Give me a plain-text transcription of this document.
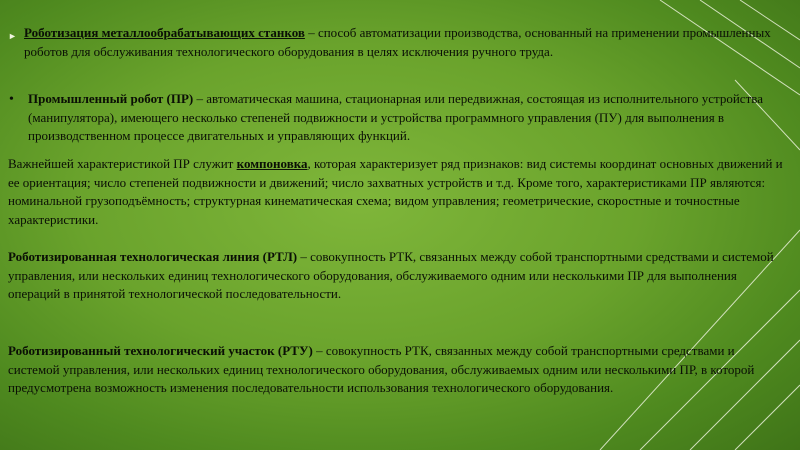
► Роботизация металлообрабатывающих станков – способ автоматизации производства, основанный на применении промышленных роботов для обслуживания технологического оборудования в целях исключения ручного труда.
• Промышленный робот (ПР) – автоматическая машина, стационарная или передвижная, состоящая из исполнительного устройства (манипулятора), имеющего несколько степеней подвижности и устройства программного управления (ПУ) для выполнения в производственном процессе двигательных и управляющих функций.
Важнейшей характеристикой ПР служит компоновка, которая характеризует ряд признаков: вид системы координат основных движений и ее ориентация; число степеней подвижности и движений; число захватных устройств и т.д. Кроме того, характеристиками ПР являются: номинальной грузоподъёмность; структурная кинематическая схема; видом управления; геометрические, скоростные и точностные характеристики.
Роботизированная технологическая линия (РТЛ) – совокупность РТК, связанных между собой транспортными средствами и системой управления, или нескольких единиц технологического оборудования, обслуживаемого одним или несколькими ПР для выполнения операций в принятой технологической последовательности.
Роботизированный технологический участок (РТУ) – совокупность РТК, связанных между собой транспортными средствами и системой управления, или нескольких единиц технологического оборудования, обслуживаемых одним или несколькими ПР, в которой предусмотрена возможность изменения последовательности использования технологического оборудования.
